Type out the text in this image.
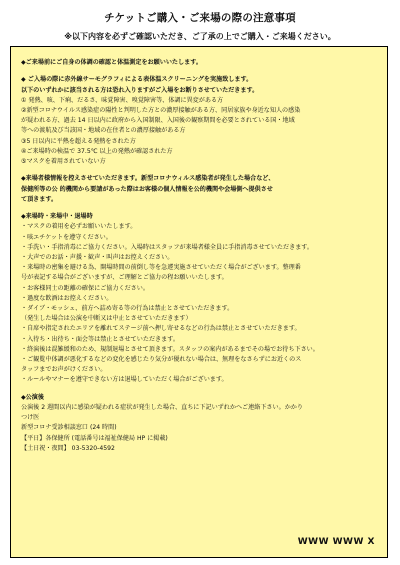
チケットご購入・ご来場の際の注意事項
※以下内容を必ずご確認いただき、ご了承の上でご購入・ご来場ください。

◆ご来場前にご自身の体調の確認と体温測定をお願いいたします。

◆ ご入場の際に赤外線サーモグラフィによる表体温スクリーニングを実施致します。

以下のいずれかに該当される方は恐れ入りますがご入場をお断りさせていただきます。

① 発熱、咳、下痢、だるさ、味覚障害、嗅覚障害等、体調に異変がある方

②新型コロナウイルス感染症の陽性と判明した方との濃厚接触がある方、同居家族や身近な知人の感染

が疑われる方、過去 14 日以内に政府から入国制限、入国後の観察期間を必要とされている国・地域

等への渡航及び当該国・地域の在住者との濃厚接触がある方

③5 日以内に平熱を超える発熱をされた方

④ご来場時の検温で 37.5℃ 以上の発熱が確認された方

⑤マスクを着用されていない方

◆来場者様情報を控えさせていただきます。新型コロナウィルス感染者が発生した場合など、

保健所等の公 的機関から要請があった際はお客様の個人情報を公的機関や会場側へ提供させ

て頂きます。

◆来場時・来場中・退場時

・マスクの着用を必ずお願いいたします。

・咳エチケットを遵守ください。

・手洗い・手指消毒にご協力ください。入場時はスタッフが来場者様全員に手指消毒させていただきます。

・大声でのお話・声援・歓声・叫声はお控えください。

・来場時の密集を避ける為、開場時間の前倒し等を急遽実施させていただく場合がございます。整理番

号が表記する場合がございますが、ご理解とご協力の程お願いいたします。

・お客様同士の距離の確保にご協力ください。

・過度な飲酒はお控えください。

・ダイブ・モッシュ、前方へ詰め寄る等の行為は禁止とさせていただきます。

（発生した場合は公演を中断又は中止とさせていただきます）

・自席や指定されたエリアを離れてステージ前へ押し寄せるなどの行為は禁止とさせていただきます。

・入待ち・出待ち・面会等は禁止とさせていただきます。

・終演後は混雑緩和のため、規制退場とさせて頂きます。スタッフの案内があるまでその場でお待ち下さい。

・ご観覧中体調が悪化するなどの変化を感じたり気分が優れない場合は、無理をなさらずにお近くのス

タッフまでお声がけください。

・ルールやマナーを遵守できない方は退場していただく場合がございます。

◆公演後

公演後 2 週間以内に感染が疑われる症状が発生した場合、直ちに下記いずれかへご連絡下さい。かかり

つけ医

新型コロナ受診相談窓口 (24 時間)

【平日】各保健所 (電話番号は福祉保健局 HP に掲載)

【土日祝・夜間】 03-5320-4592

WWW WWW X
